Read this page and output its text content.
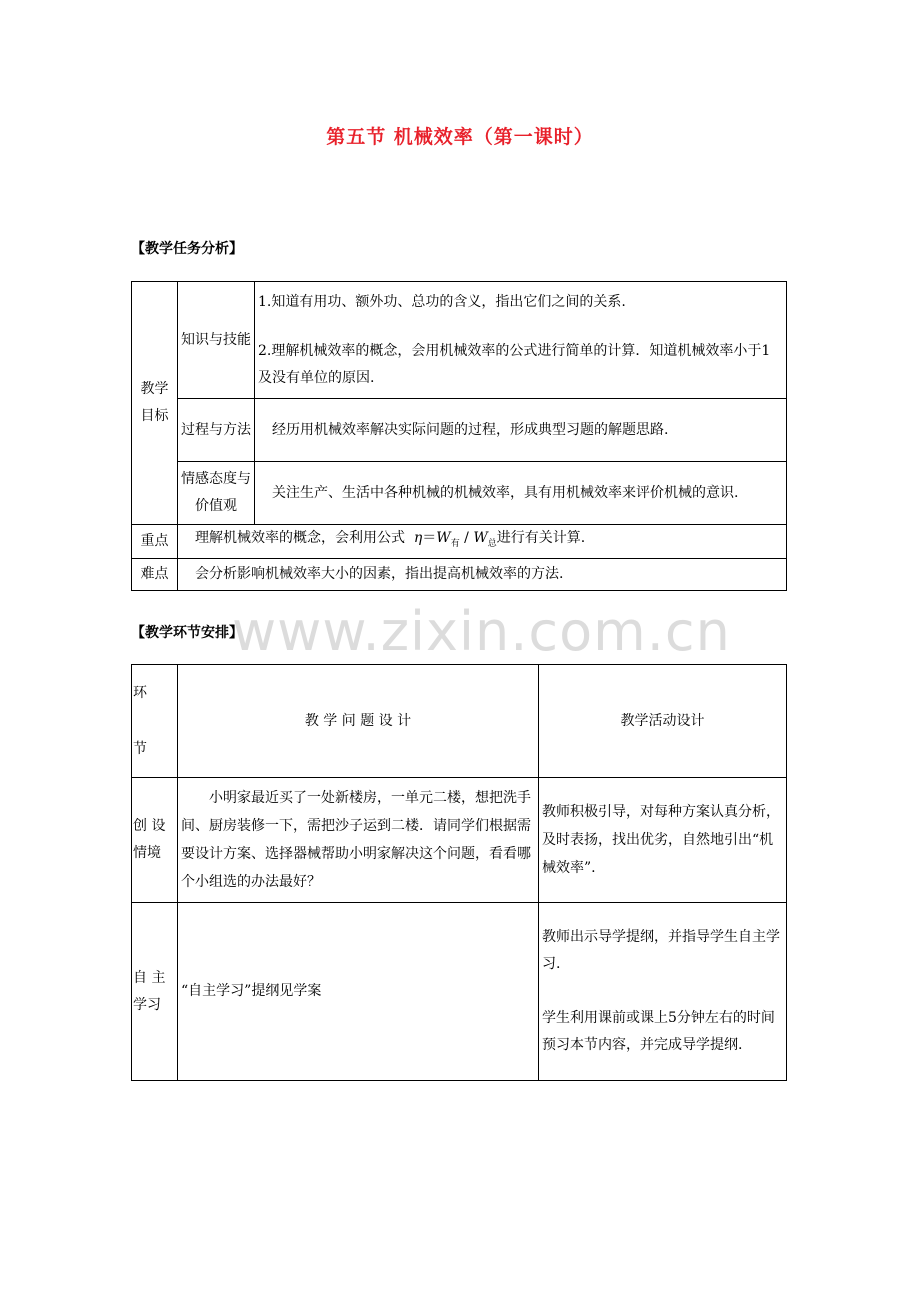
第五节 机械效率（第一课时）
【教学任务分析】
教学目标	知识与技能	1.知道有用功、额外功、总功的含义，指出它们之间的关系.

2.理解机械效率的概念，会用机械效率的公式进行简单的计算．知道机械效率小于1及没有单位的原因.

	过程与方法	经历用机械效率解决实际问题的过程，形成典型习题的解题思路.
	情感态度与价值观	关注生产、生活中各种机械的机械效率，具有用机械效率来评价机械的意识.
重点	理解机械效率的概念，会利用公式 $\eta=W_有 / W_总$进行有关计算.	
难点	会分析影响机械效率大小的因素，指出提高机械效率的方法.	
【教学环节安排】
www.zixin.com.cn
环节	教 学 问 题 设 计	教学活动设计
创 设情境	小明家最近买了一处新楼房，一单元二楼，想把洗手间、厨房装修一下，需把沙子运到二楼．请同学们根据需要设计方案、选择器械帮助小明家解决这个问题，看看哪个小组选的办法最好？	教师积极引导，对每种方案认真分析，及时表扬，找出优劣，自然地引出“机械效率”.
自 主学习	“自主学习”提纲见学案	教师出示导学提纲，并指导学生自主学习.

学生利用课前或课上5分钟左右的时间预习本节内容，并完成导学提纲.
